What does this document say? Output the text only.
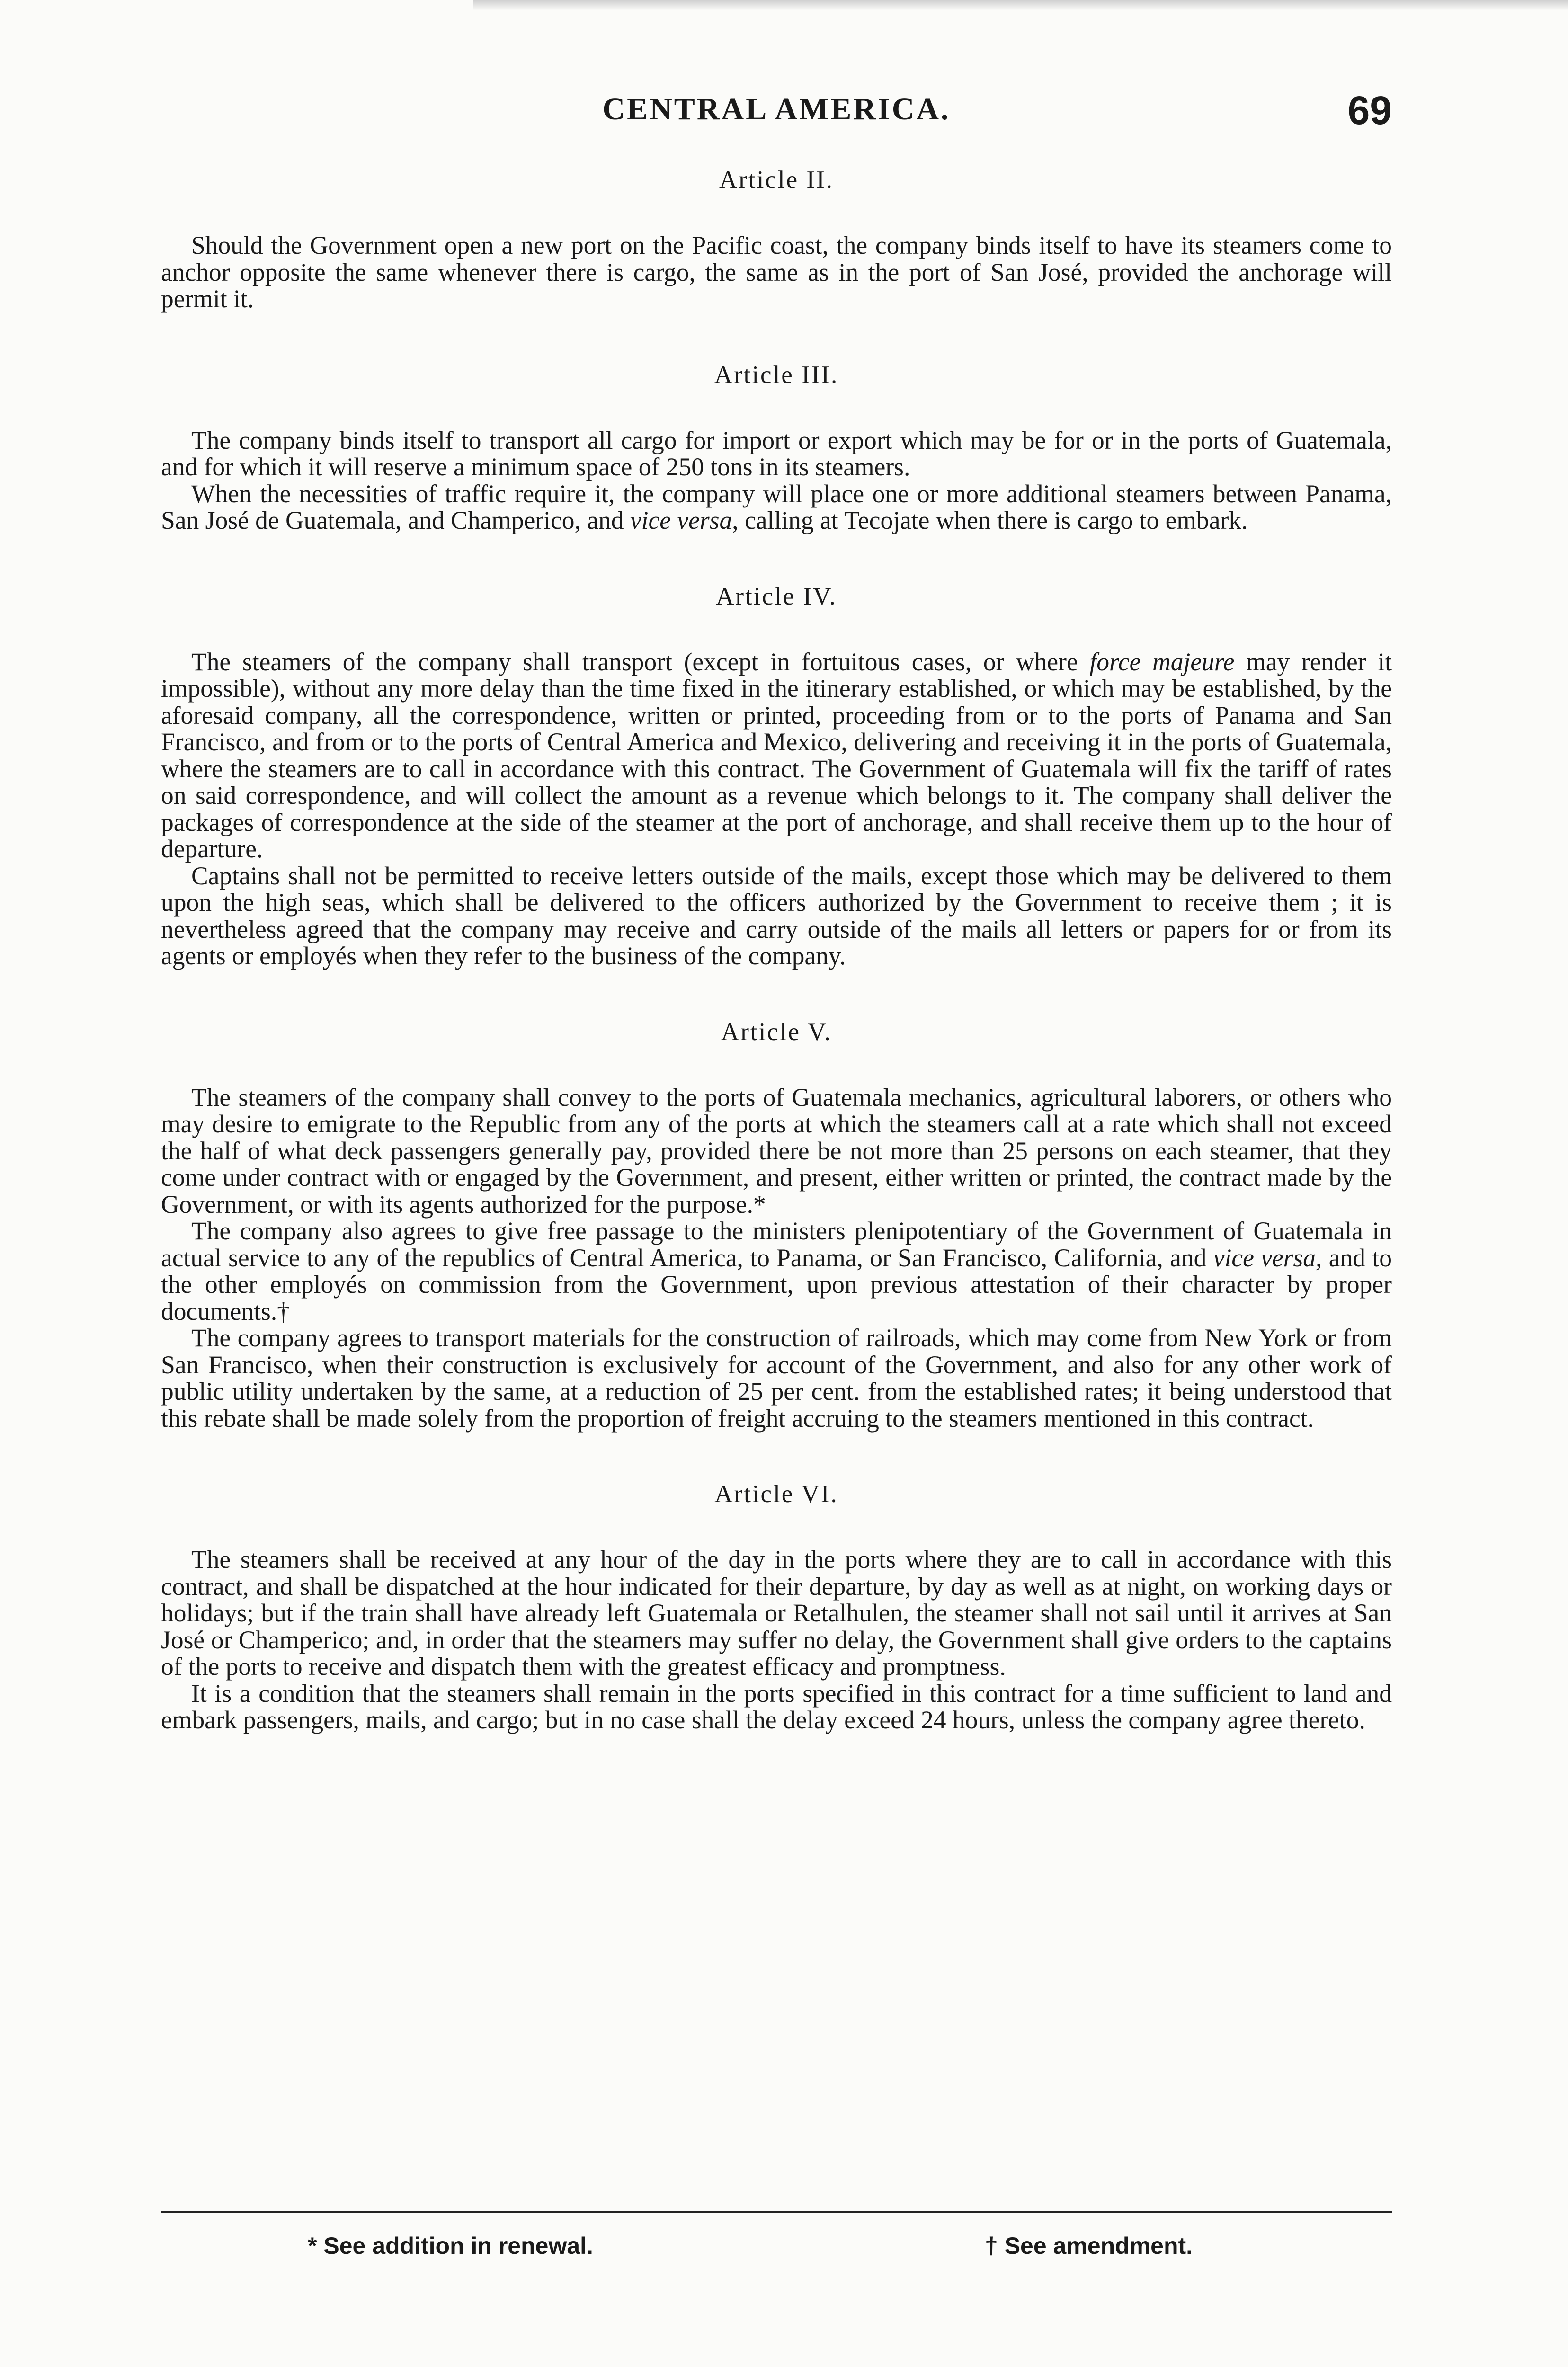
CENTRAL AMERICA.	69
Article II.

Should the Government open a new port on the Pacific coast, the company binds itself to have its steamers come to anchor opposite the same whenever there is cargo, the same as in the port of San José, provided the anchorage will permit it.

Article III.

The company binds itself to transport all cargo for import or export which may be for or in the ports of Guatemala, and for which it will reserve a minimum space of 250 tons in its steamers.

When the necessities of traffic require it, the company will place one or more additional steamers between Panama, San José de Guatemala, and Champerico, and vice versa, calling at Tecojate when there is cargo to embark.

Article IV.

The steamers of the company shall transport (except in fortuitous cases, or where force majeure may render it impossible), without any more delay than the time fixed in the itinerary established, or which may be established, by the aforesaid company, all the correspondence, written or printed, proceeding from or to the ports of Panama and San Francisco, and from or to the ports of Central America and Mexico, delivering and receiving it in the ports of Guatemala, where the steamers are to call in accordance with this contract. The Government of Guatemala will fix the tariff of rates on said correspondence, and will collect the amount as a revenue which belongs to it. The company shall deliver the packages of correspondence at the side of the steamer at the port of anchorage, and shall receive them up to the hour of departure.

Captains shall not be permitted to receive letters outside of the mails, except those which may be delivered to them upon the high seas, which shall be delivered to the officers authorized by the Government to receive them ; it is nevertheless agreed that the company may receive and carry outside of the mails all letters or papers for or from its agents or employés when they refer to the business of the company.

Article V.

The steamers of the company shall convey to the ports of Guatemala mechanics, agricultural laborers, or others who may desire to emigrate to the Republic from any of the ports at which the steamers call at a rate which shall not exceed the half of what deck passengers generally pay, provided there be not more than 25 persons on each steamer, that they come under contract with or engaged by the Government, and present, either written or printed, the contract made by the Government, or with its agents authorized for the purpose.*

The company also agrees to give free passage to the ministers plenipotentiary of the Government of Guatemala in actual service to any of the republics of Central America, to Panama, or San Francisco, California, and vice versa, and to the other employés on commission from the Government, upon previous attestation of their character by proper documents.†

The company agrees to transport materials for the construction of railroads, which may come from New York or from San Francisco, when their construction is exclusively for account of the Government, and also for any other work of public utility undertaken by the same, at a reduction of 25 per cent. from the established rates; it being understood that this rebate shall be made solely from the proportion of freight accruing to the steamers mentioned in this contract.

Article VI.

The steamers shall be received at any hour of the day in the ports where they are to call in accordance with this contract, and shall be dispatched at the hour indicated for their departure, by day as well as at night, on working days or holidays; but if the train shall have already left Guatemala or Retalhulen, the steamer shall not sail until it arrives at San José or Champerico; and, in order that the steamers may suffer no delay, the Government shall give orders to the captains of the ports to receive and dispatch them with the greatest efficacy and promptness.

It is a condition that the steamers shall remain in the ports specified in this contract for a time sufficient to land and embark passengers, mails, and cargo; but in no case shall the delay exceed 24 hours, unless the company agree thereto.

* See addition in renewal.	† See amendment.
